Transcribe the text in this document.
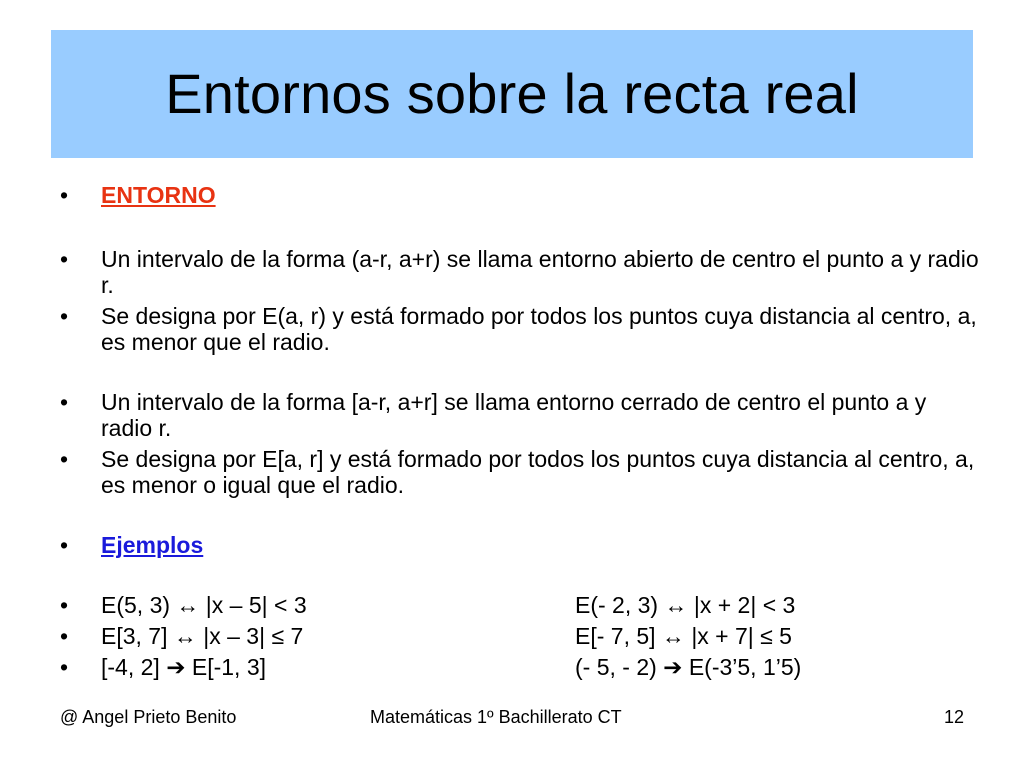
Entornos sobre la recta real
• ENTORNO
• Un intervalo de la forma (a-r, a+r) se llama entorno abierto de centro el punto a y radio r.
• Se designa por E(a, r) y está formado por todos los puntos cuya distancia al centro, a, es menor que el radio.
• Un intervalo de la forma [a-r, a+r] se llama entorno cerrado de centro el punto a y radio r.
• Se designa por E[a, r] y está formado por todos los puntos cuya distancia al centro, a, es menor o igual que el radio.
• Ejemplos
• E(5, 3) ↔ |x – 5| < 3	E(- 2, 3) ↔ |x + 2| < 3
• E[3, 7] ↔ |x – 3| ≤ 7	E[- 7, 5] ↔ |x + 7| ≤ 5
• [-4, 2] ➔ E[-1, 3]	(- 5, - 2) ➔ E(-3’5, 1’5)
@ Angel Prieto Benito	Matemáticas 1º Bachillerato CT	12
